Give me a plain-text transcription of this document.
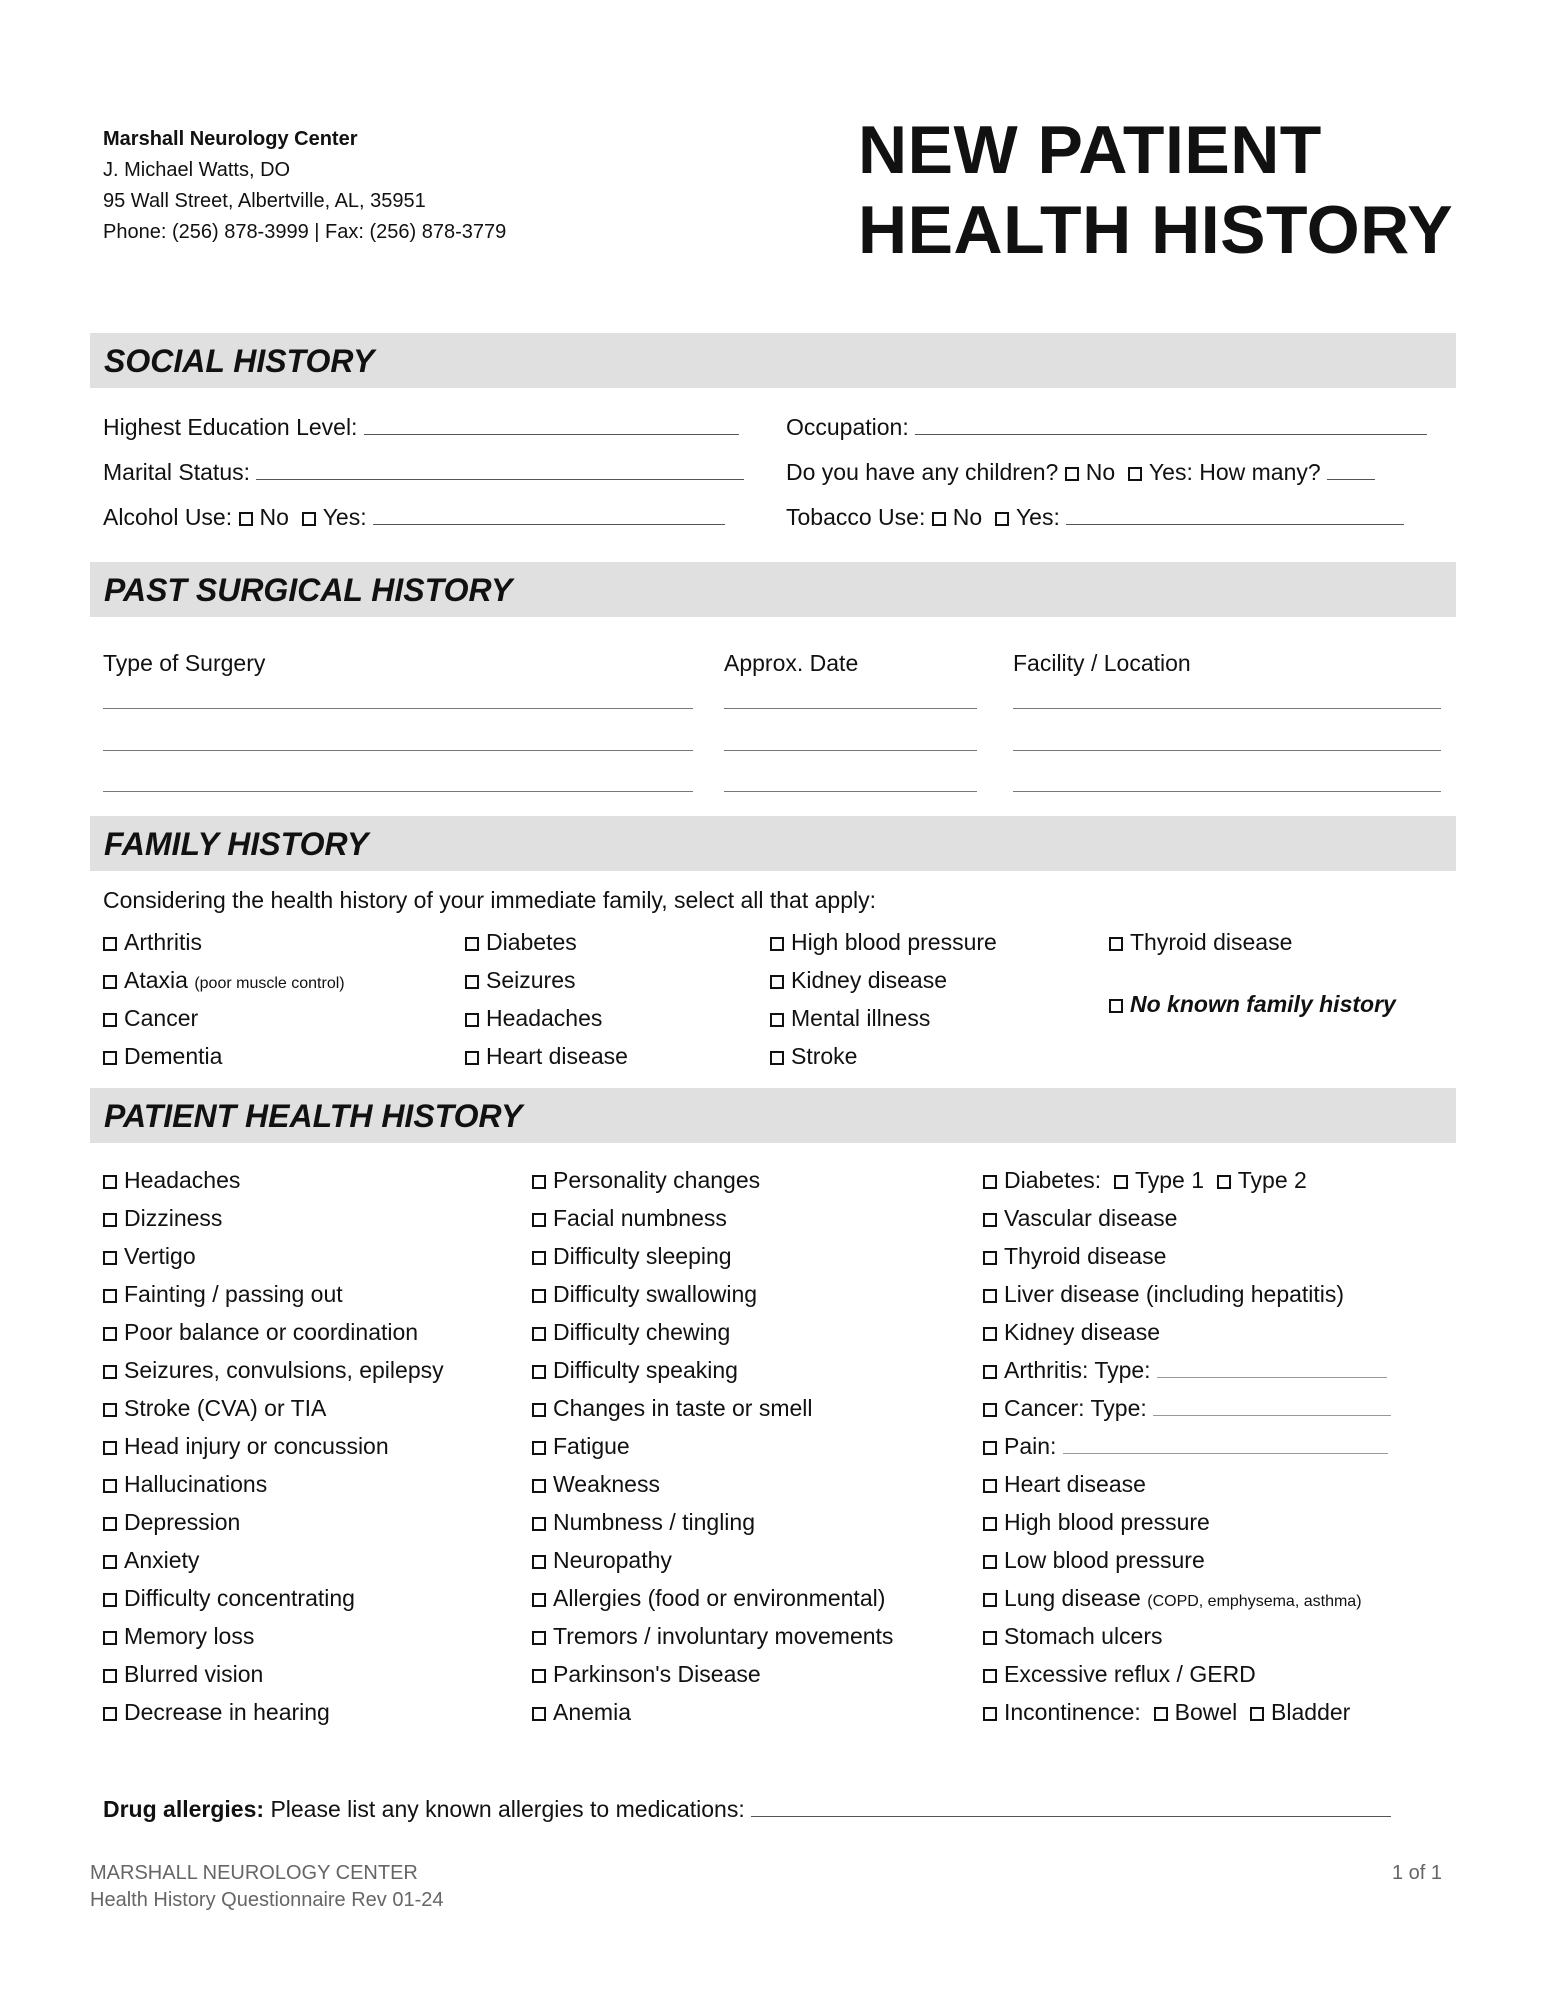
Marshall Neurology Center
J. Michael Watts, DO
95 Wall Street, Albertville, AL, 35951
Phone: (256) 878-3999 | Fax: (256) 878-3779
NEW PATIENT
HEALTH HISTORY
SOCIAL HISTORY
Highest Education Level:	Occupation:
Marital Status:	Do you have any children? No Yes: How many?
Alcohol Use: No Yes:	Tobacco Use: No Yes:
PAST SURGICAL HISTORY
Type of Surgery	Approx. Date	Facility / Location
FAMILY HISTORY
Considering the health history of your immediate family, select all that apply:
Arthritis
Ataxia (poor muscle control)
Cancer
Dementia
Diabetes
Seizures
Headaches
Heart disease
High blood pressure
Kidney disease
Mental illness
Stroke
Thyroid disease
No known family history
PATIENT HEALTH HISTORY
Headaches
Dizziness
Vertigo
Fainting / passing out
Poor balance or coordination
Seizures, convulsions, epilepsy
Stroke (CVA) or TIA
Head injury or concussion
Hallucinations
Depression
Anxiety
Difficulty concentrating
Memory loss
Blurred vision
Decrease in hearing
Personality changes
Facial numbness
Difficulty sleeping
Difficulty swallowing
Difficulty chewing
Difficulty speaking
Changes in taste or smell
Fatigue
Weakness
Numbness / tingling
Neuropathy
Allergies (food or environmental)
Tremors / involuntary movements
Parkinson's Disease
Anemia
Diabetes: Type 1 Type 2
Vascular disease
Thyroid disease
Liver disease (including hepatitis)
Kidney disease
Arthritis: Type:
Cancer: Type:
Pain:
Heart disease
High blood pressure
Low blood pressure
Lung disease (COPD, emphysema, asthma)
Stomach ulcers
Excessive reflux / GERD
Incontinence: Bowel Bladder
Drug allergies: Please list any known allergies to medications:
MARSHALL NEUROLOGY CENTER
Health History Questionnaire Rev 01-24
1 of 1
